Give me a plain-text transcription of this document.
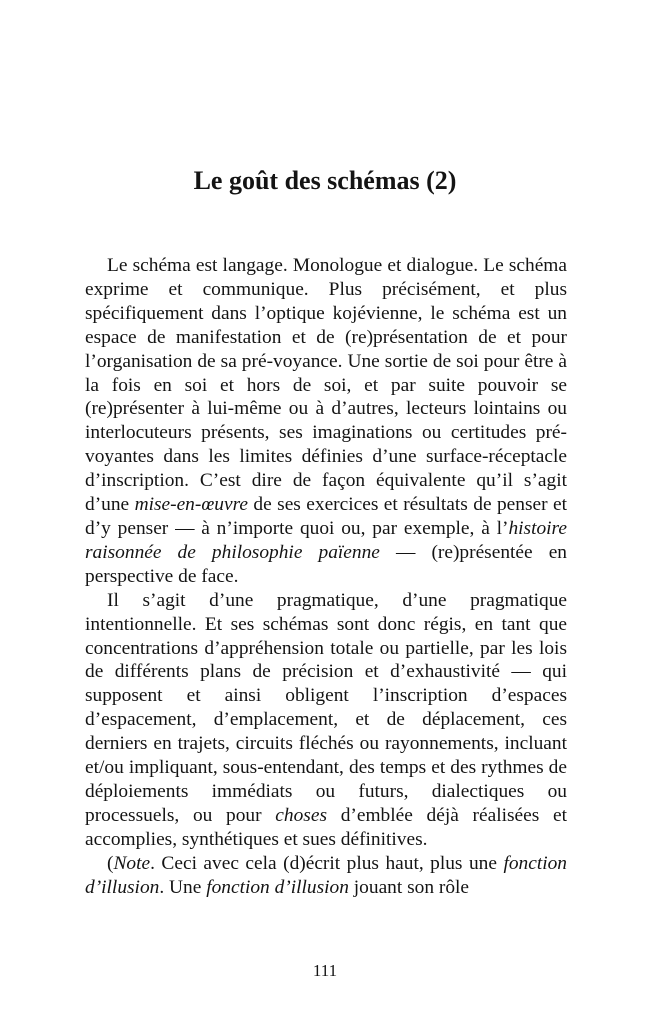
Le goût des schémas (2)

Le schéma est langage. Monologue et dialogue. Le schéma exprime et communique. Plus précisément, et plus spécifiquement dans l’optique kojévienne, le schéma est un espace de manifestation et de (re)présentation de et pour l’organisation de sa pré-voyance. Une sortie de soi pour être à la fois en soi et hors de soi, et par suite pouvoir se (re)présenter à lui-même ou à d’autres, lecteurs lointains ou interlocuteurs présents, ses imaginations ou certitudes pré-voyantes dans les limites définies d’une surface-réceptacle d’inscription. C’est dire de façon équivalente qu’il s’agit d’une mise-en-œuvre de ses exercices et résultats de penser et d’y penser — à n’importe quoi ou, par exemple, à l’histoire raisonnée de philosophie païenne — (re)présentée en perspective de face.

Il s’agit d’une pragmatique, d’une pragmatique intentionnelle. Et ses schémas sont donc régis, en tant que concentrations d’appréhension totale ou partielle, par les lois de différents plans de précision et d’exhaustivité — qui supposent et ainsi obligent l’inscription d’espaces d’espacement, d’emplacement, et de déplacement, ces derniers en trajets, circuits fléchés ou rayonnements, incluant et/ou impliquant, sous-entendant, des temps et des rythmes de déploiements immédiats ou futurs, dialectiques ou processuels, ou pour choses d’emblée déjà réalisées et accomplies, synthétiques et sues définitives.

(Note. Ceci avec cela (d)écrit plus haut, plus une fonction d’illusion. Une fonction d’illusion jouant son rôle

111
